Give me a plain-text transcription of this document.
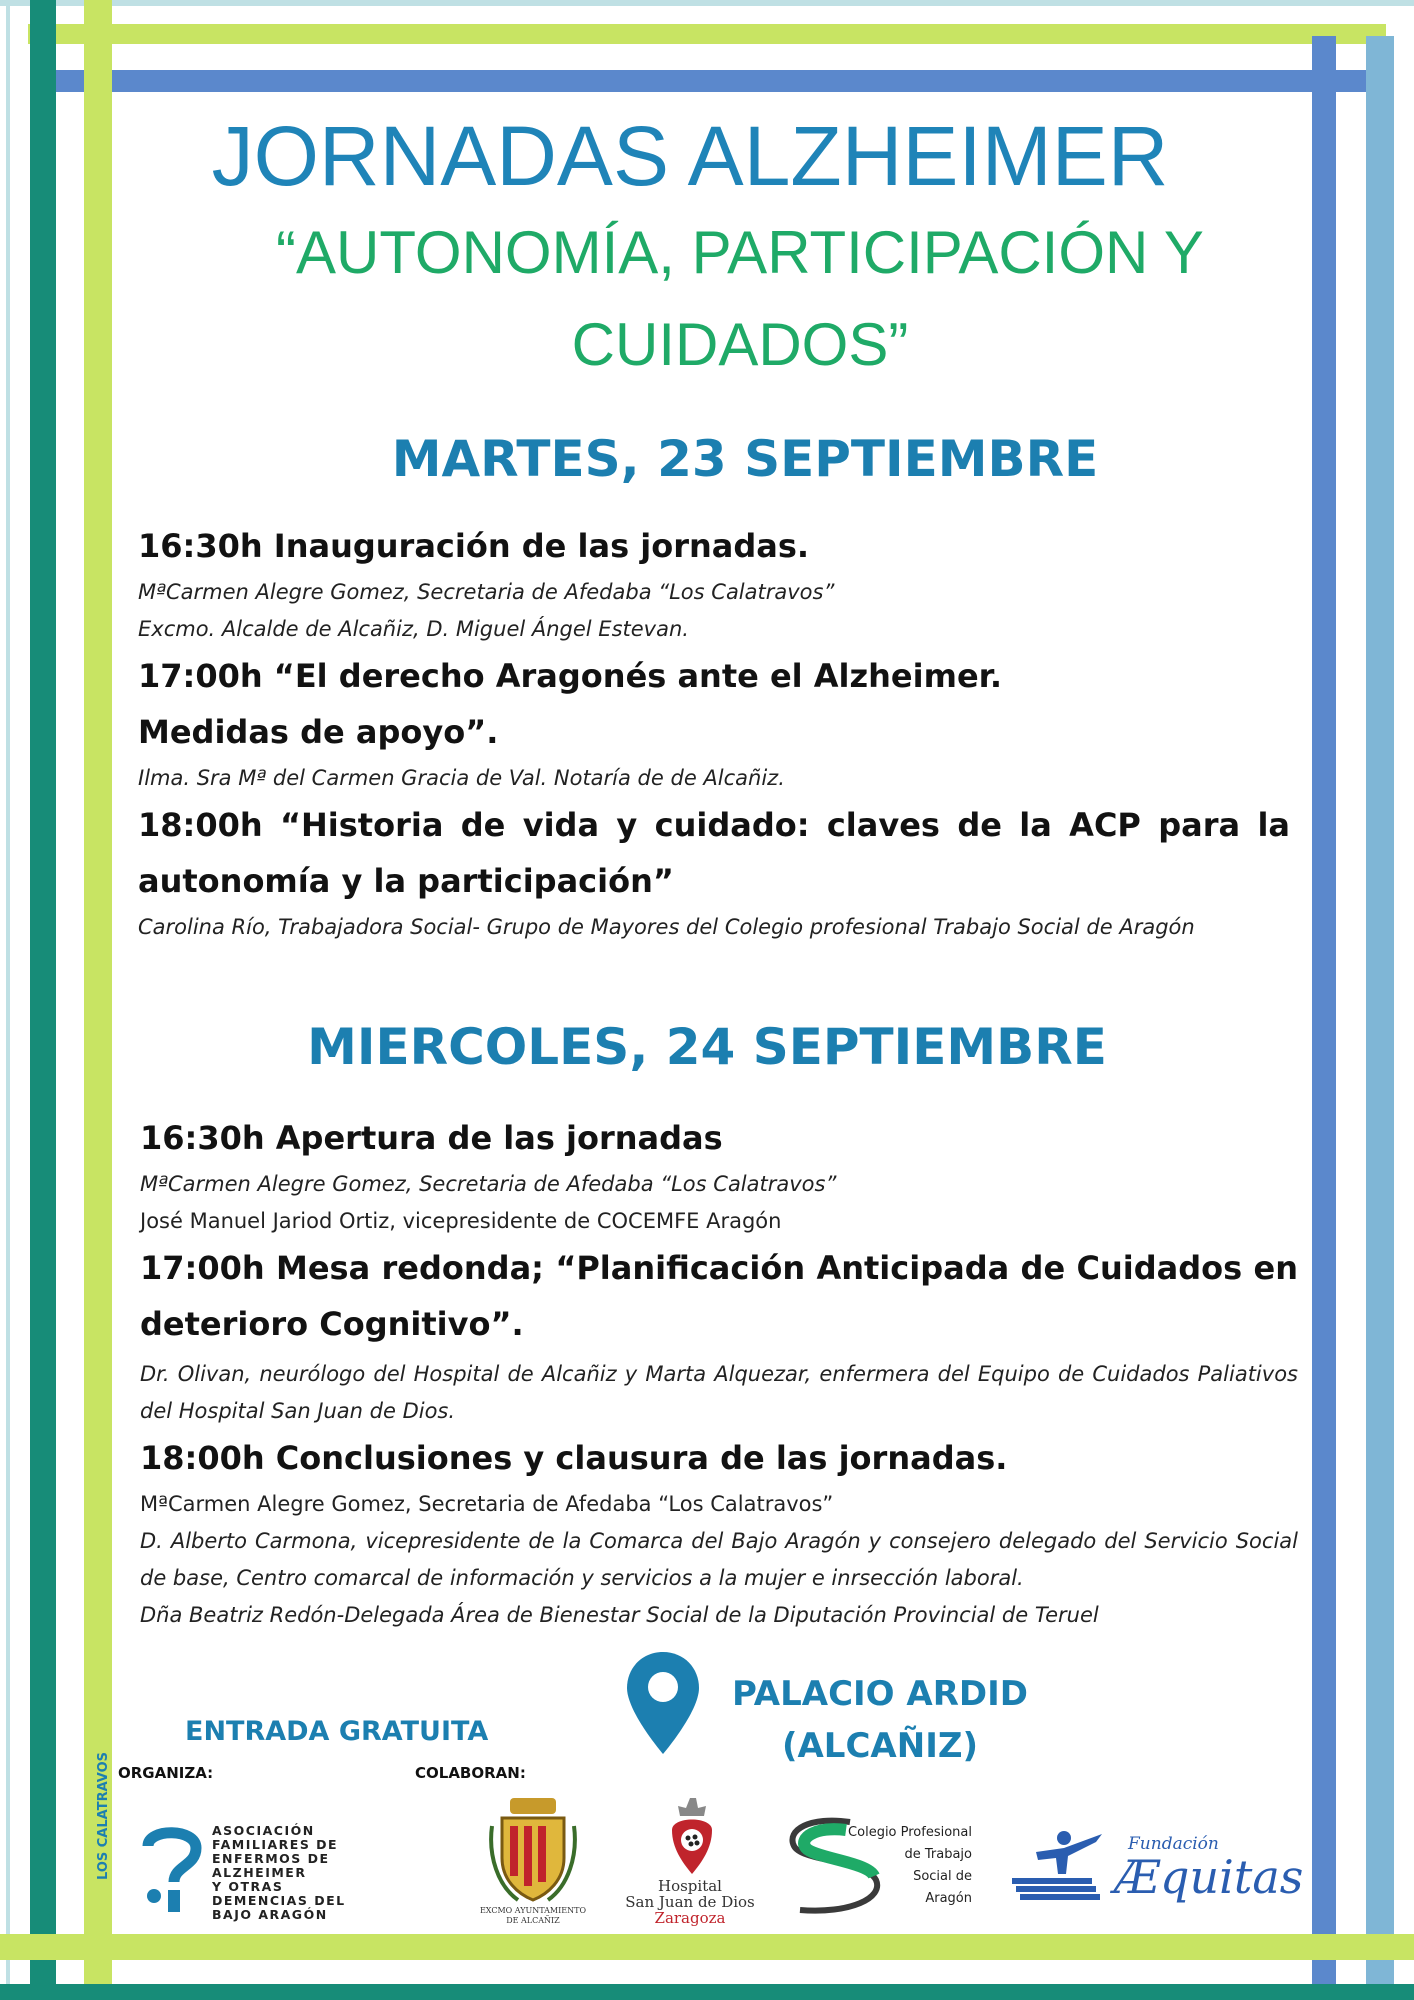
JORNADAS ALZHEIMER
“AUTONOMÍA, PARTICIPACIÓN Y
CUIDADOS”
MARTES, 23 SEPTIEMBRE

16:30h Inauguración de las jornadas.

MªCarmen Alegre Gomez, Secretaria de Afedaba “Los Calatravos”

Excmo. Alcalde de Alcañiz, D. Miguel Ángel Estevan.

17:00h “El derecho Aragonés ante el Alzheimer.

Medidas de apoyo”.

Ilma. Sra Mª del Carmen Gracia de Val. Notaría de de Alcañiz.

18:00h “Historia de vida y cuidado: claves de la ACP para la autonomía y la participación”

Carolina Río, Trabajadora Social- Grupo de Mayores del Colegio profesional Trabajo Social de Aragón

MIERCOLES, 24 SEPTIEMBRE

16:30h Apertura de las jornadas

MªCarmen Alegre Gomez, Secretaria de Afedaba “Los Calatravos”

José Manuel Jariod Ortiz, vicepresidente de COCEMFE Aragón

17:00h Mesa redonda; “Planificación Anticipada de Cuidados en deterioro Cognitivo”.

Dr. Olivan, neurólogo del Hospital de Alcañiz y Marta Alquezar, enfermera del Equipo de Cuidados Paliativos del Hospital San Juan de Dios.

18:00h Conclusiones y clausura de las jornadas.

MªCarmen Alegre Gomez, Secretaria de Afedaba “Los Calatravos”

D. Alberto Carmona, vicepresidente de la Comarca del Bajo Aragón y consejero delegado del Servicio Social de base, Centro comarcal de información y servicios a la mujer e inrsección laboral.

Dña Beatriz Redón-Delegada Área de Bienestar Social de la Diputación Provincial de Teruel

ENTRADA GRATUITA
PALACIO ARDID
(ALCAÑIZ)
ORGANIZA:	COLABORAN:
LOS CALATRAVOS	ASOCIACIÓN
FAMILIARES DE
ENFERMOS DE
ALZHEIMER
Y OTRAS
DEMENCIAS DEL
BAJO ARAGÓN	EXCMO AYUNTAMIENTO
DE ALCAÑIZ
Hospital
San Juan de Dios
Zaragoza
Colegio Profesional
de Trabajo
Social de
Aragón
Fundación
Æquitas
